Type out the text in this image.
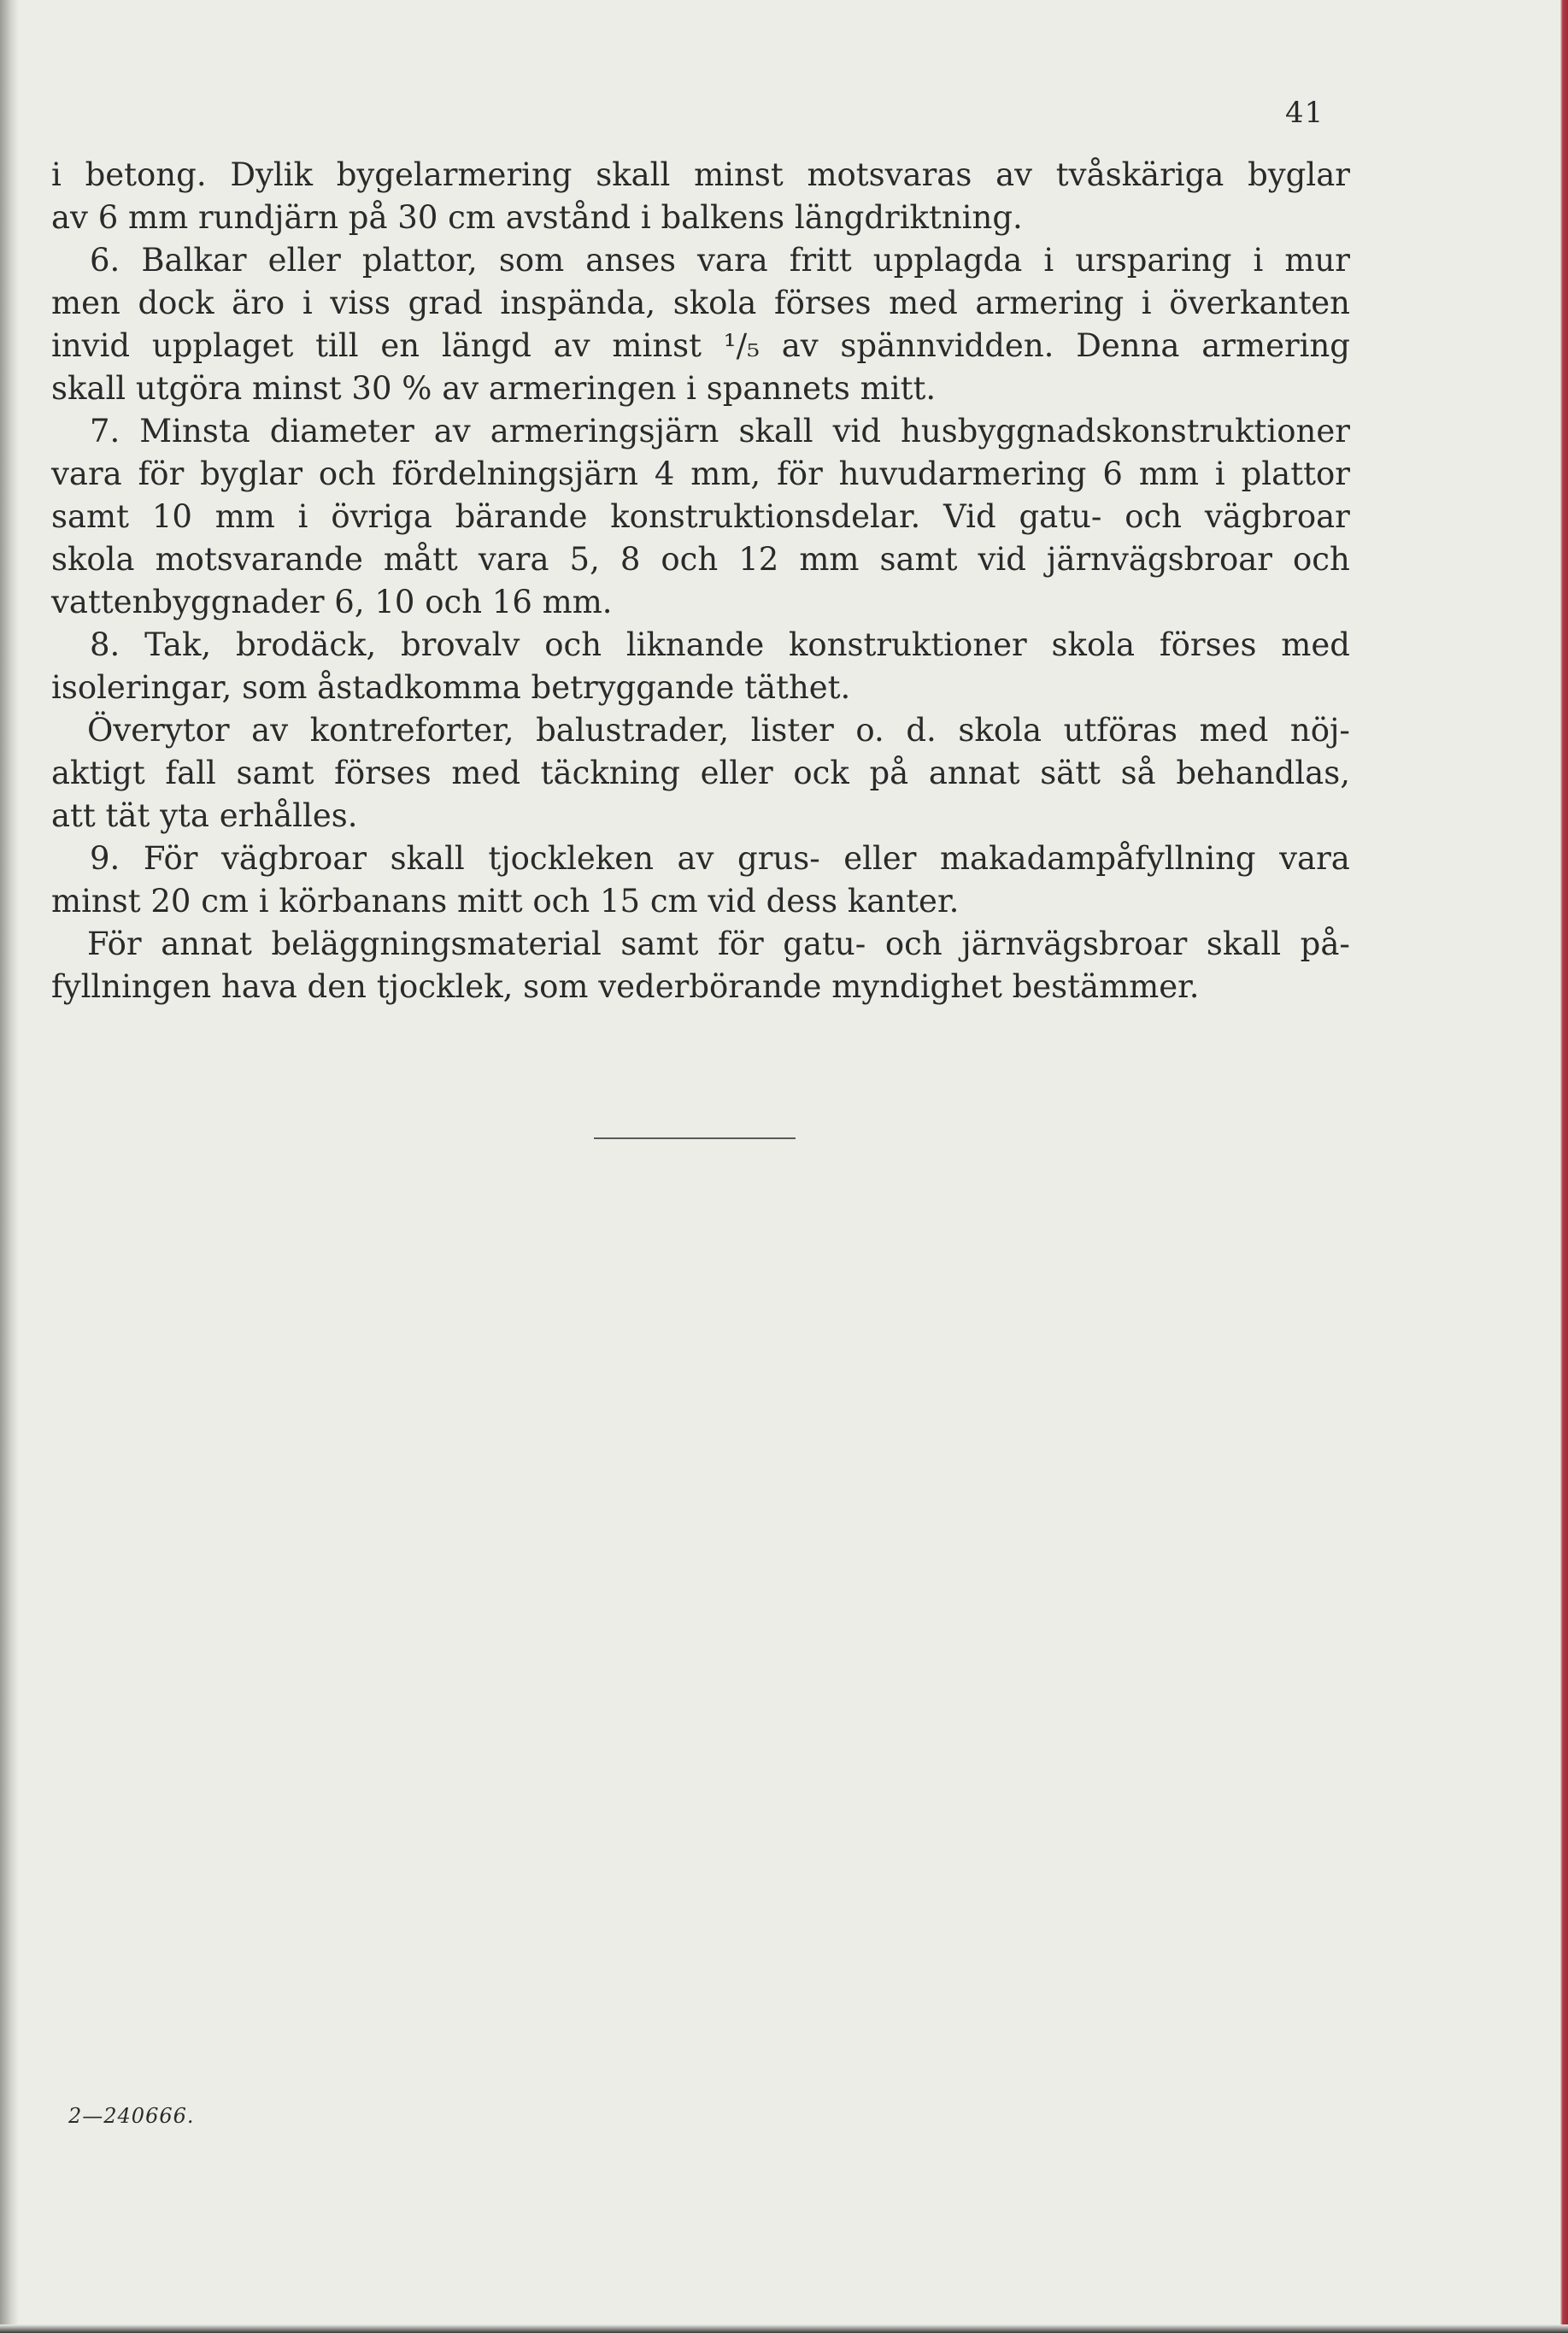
41
i betong. Dylik bygelarmering skall minst motsvaras av tvåskäriga byglar
av 6 mm rundjärn på 30 cm avstånd i balkens längdriktning.
6. Balkar eller plattor, som anses vara fritt upplagda i ursparing i mur
men dock äro i viss grad inspända, skola förses med armering i överkanten
invid upplaget till en längd av minst ¹/₅ av spännvidden. Denna armering
skall utgöra minst 30 % av armeringen i spannets mitt.
7. Minsta diameter av armeringsjärn skall vid husbyggnadskonstruktioner
vara för byglar och fördelningsjärn 4 mm, för huvudarmering 6 mm i plattor
samt 10 mm i övriga bärande konstruktionsdelar. Vid gatu- och vägbroar
skola motsvarande mått vara 5, 8 och 12 mm samt vid järnvägsbroar och
vattenbyggnader 6, 10 och 16 mm.
8. Tak, brodäck, brovalv och liknande konstruktioner skola förses med
isoleringar, som åstadkomma betryggande täthet.
Överytor av kontreforter, balustrader, lister o. d. skola utföras med nöj-
aktigt fall samt förses med täckning eller ock på annat sätt så behandlas,
att tät yta erhålles.
9. För vägbroar skall tjockleken av grus- eller makadampåfyllning vara
minst 20 cm i körbanans mitt och 15 cm vid dess kanter.
För annat beläggningsmaterial samt för gatu- och järnvägsbroar skall på-
fyllningen hava den tjocklek, som vederbörande myndighet bestämmer.
2—240666.
